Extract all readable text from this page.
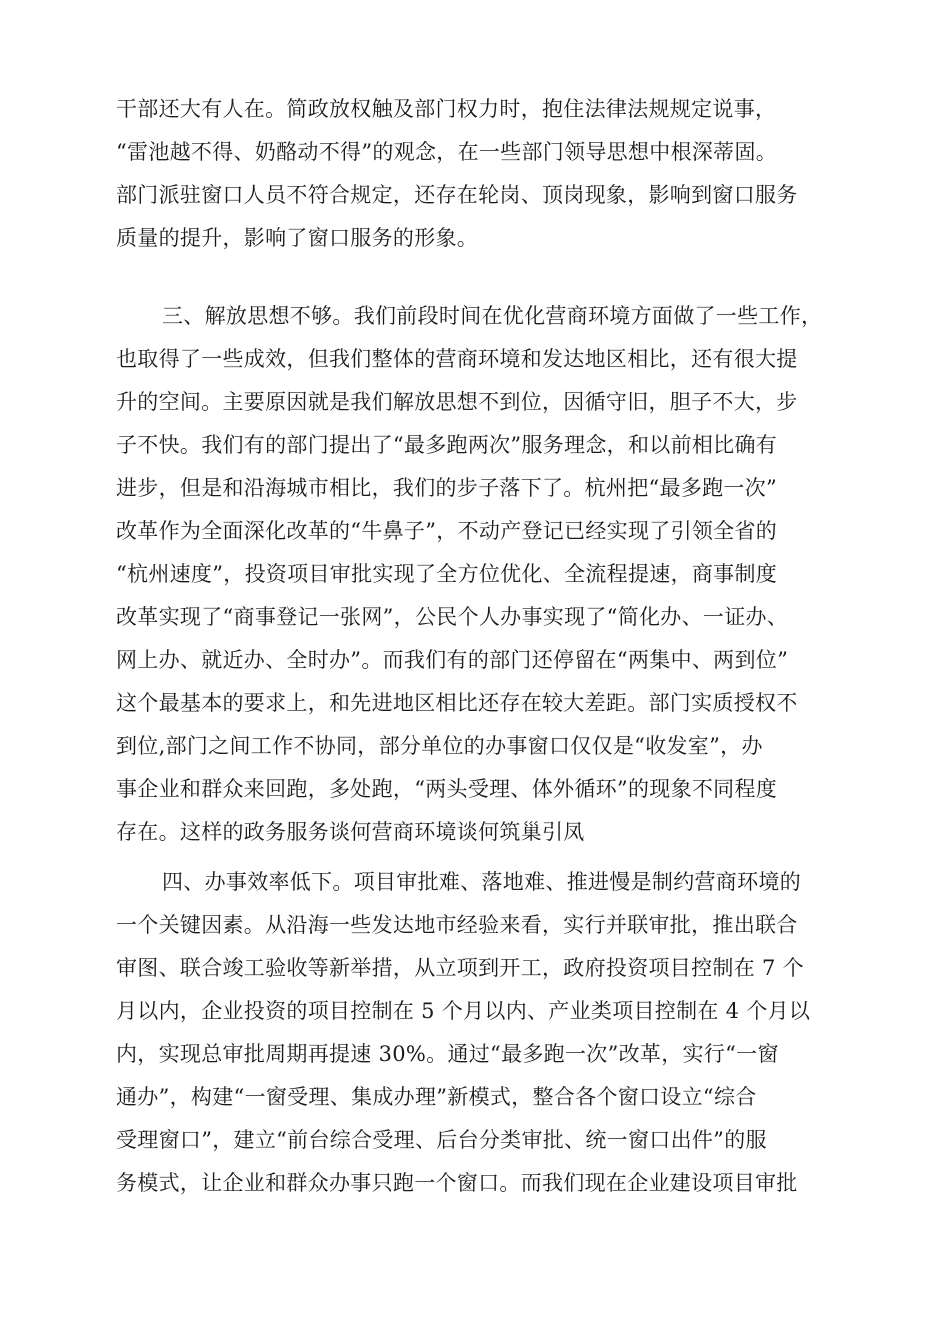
干部还大有人在。简政放权触及部门权力时，抱住法律法规规定说事，
“雷池越不得、奶酪动不得”的观念，在一些部门领导思想中根深蒂固。
部门派驻窗口人员不符合规定，还存在轮岗、顶岗现象，影响到窗口服务
质量的提升，影响了窗口服务的形象。
三、解放思想不够。我们前段时间在优化营商环境方面做了一些工作，
也取得了一些成效，但我们整体的营商环境和发达地区相比，还有很大提
升的空间。主要原因就是我们解放思想不到位，因循守旧，胆子不大，步
子不快。我们有的部门提出了“最多跑两次”服务理念，和以前相比确有
进步，但是和沿海城市相比，我们的步子落下了。杭州把“最多跑一次”
改革作为全面深化改革的“牛鼻子”，不动产登记已经实现了引领全省的
“杭州速度”，投资项目审批实现了全方位优化、全流程提速，商事制度
改革实现了“商事登记一张网”，公民个人办事实现了“简化办、一证办、
网上办、就近办、全时办”。而我们有的部门还停留在“两集中、两到位”
这个最基本的要求上，和先进地区相比还存在较大差距。部门实质授权不
到位,部门之间工作不协同，部分单位的办事窗口仅仅是“收发室”，办
事企业和群众来回跑，多处跑，“两头受理、体外循环”的现象不同程度
存在。这样的政务服务谈何营商环境谈何筑巢引凤
四、办事效率低下。项目审批难、落地难、推进慢是制约营商环境的
一个关键因素。从沿海一些发达地市经验来看，实行并联审批，推出联合
审图、联合竣工验收等新举措，从立项到开工，政府投资项目控制在 7 个
月以内，企业投资的项目控制在 5 个月以内、产业类项目控制在 4 个月以
内，实现总审批周期再提速 30%。通过“最多跑一次”改革，实行“一窗
通办”，构建“一窗受理、集成办理”新模式，整合各个窗口设立“综合
受理窗口”，建立“前台综合受理、后台分类审批、统一窗口出件”的服
务模式，让企业和群众办事只跑一个窗口。而我们现在企业建设项目审批
